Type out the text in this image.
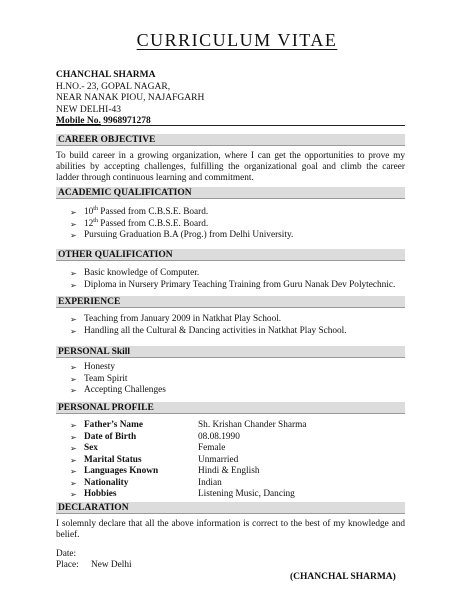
CURRICULUM VITAE
CHANCHAL SHARMA
H.NO.- 23, GOPAL NAGAR,
NEAR NANAK PIOU, NAJAFGARH
NEW DELHI-43
Mobile No. 9968971278
CAREER OBJECTIVE
To build career in a growing organization, where I can get the opportunities to prove my abilities by accepting challenges, fulfilling the organizational goal and climb the career ladder through continuous learning and commitment.
ACADEMIC QUALIFICATION
➢ 10th Passed from C.B.S.E. Board.
➢ 12th Passed from C.B.S.E. Board.
➢ Pursuing Graduation B.A (Prog.) from Delhi University.
OTHER QUALIFICATION
➢ Basic knowledge of Computer.
➢ Diploma in Nursery Primary Teaching Training from Guru Nanak Dev Polytechnic.
EXPERIENCE
➢ Teaching from January 2009 in Natkhat Play School.
➢ Handling all the Cultural & Dancing activities in Natkhat Play School.
PERSONAL Skill
➢ Honesty
➢ Team Spirit
➢ Accepting Challenges
PERSONAL PROFILE
➢ Father’s Name	Sh. Krishan Chander Sharma
➢ Date of Birth	08.08.1990
➢ Sex	Female
➢ Marital Status	Unmarried
➢ Languages Known	Hindi & English
➢ Nationality	Indian
➢ Hobbies	Listening Music, Dancing
DECLARATION
I solemnly declare that all the above information is correct to the best of my knowledge and belief.
Date:
Place: New Delhi
(CHANCHAL SHARMA)
